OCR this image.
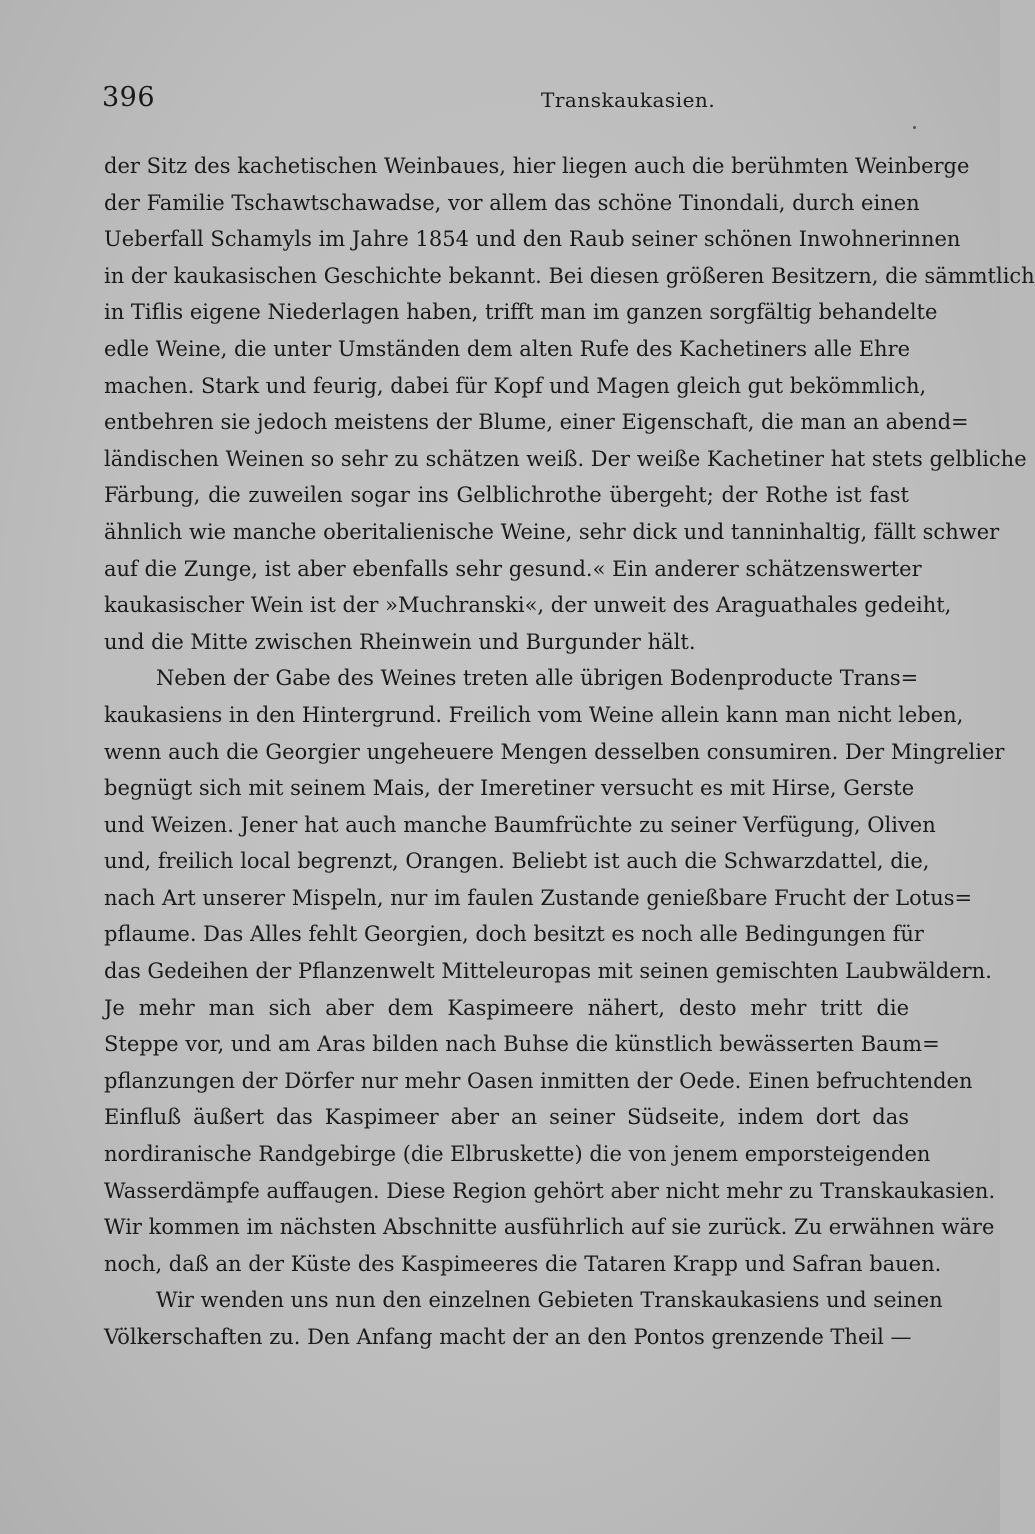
396	Transkaukasien.
der Sitz des kachetischen Weinbaues, hier liegen auch die berühmten Weinberge
der Familie Tschawtschawadse, vor allem das schöne Tinondali, durch einen
Ueberfall Schamyls im Jahre 1854 und den Raub seiner schönen Inwohnerinnen
in der kaukasischen Geschichte bekannt. Bei diesen größeren Besitzern, die sämmtlich
in Tiflis eigene Niederlagen haben, trifft man im ganzen sorgfältig behandelte
edle Weine, die unter Umständen dem alten Rufe des Kachetiners alle Ehre
machen. Stark und feurig, dabei für Kopf und Magen gleich gut bekömmlich,
entbehren sie jedoch meistens der Blume, einer Eigenschaft, die man an abend=
ländischen Weinen so sehr zu schätzen weiß. Der weiße Kachetiner hat stets gelbliche
Färbung, die zuweilen sogar ins Gelblichrothe übergeht; der Rothe ist fast
ähnlich wie manche oberitalienische Weine, sehr dick und tanninhaltig, fällt schwer
auf die Zunge, ist aber ebenfalls sehr gesund.« Ein anderer schätzenswerter
kaukasischer Wein ist der »Muchranski«, der unweit des Araguathales gedeiht,
und die Mitte zwischen Rheinwein und Burgunder hält.
Neben der Gabe des Weines treten alle übrigen Bodenproducte Trans=
kaukasiens in den Hintergrund. Freilich vom Weine allein kann man nicht leben,
wenn auch die Georgier ungeheuere Mengen desselben consumiren. Der Mingrelier
begnügt sich mit seinem Mais, der Imeretiner versucht es mit Hirse, Gerste
und Weizen. Jener hat auch manche Baumfrüchte zu seiner Verfügung, Oliven
und, freilich local begrenzt, Orangen. Beliebt ist auch die Schwarzdattel, die,
nach Art unserer Mispeln, nur im faulen Zustande genießbare Frucht der Lotus=
pflaume. Das Alles fehlt Georgien, doch besitzt es noch alle Bedingungen für
das Gedeihen der Pflanzenwelt Mitteleuropas mit seinen gemischten Laubwäldern.
Je mehr man sich aber dem Kaspimeere nähert, desto mehr tritt die
Steppe vor, und am Aras bilden nach Buhse die künstlich bewässerten Baum=
pflanzungen der Dörfer nur mehr Oasen inmitten der Oede. Einen befruchtenden
Einfluß äußert das Kaspimeer aber an seiner Südseite, indem dort das
nordiranische Randgebirge (die Elbruskette) die von jenem emporsteigenden
Wasserdämpfe auffaugen. Diese Region gehört aber nicht mehr zu Transkaukasien.
Wir kommen im nächsten Abschnitte ausführlich auf sie zurück. Zu erwähnen wäre
noch, daß an der Küste des Kaspimeeres die Tataren Krapp und Safran bauen.
Wir wenden uns nun den einzelnen Gebieten Transkaukasiens und seinen
Völkerschaften zu. Den Anfang macht der an den Pontos grenzende Theil —
